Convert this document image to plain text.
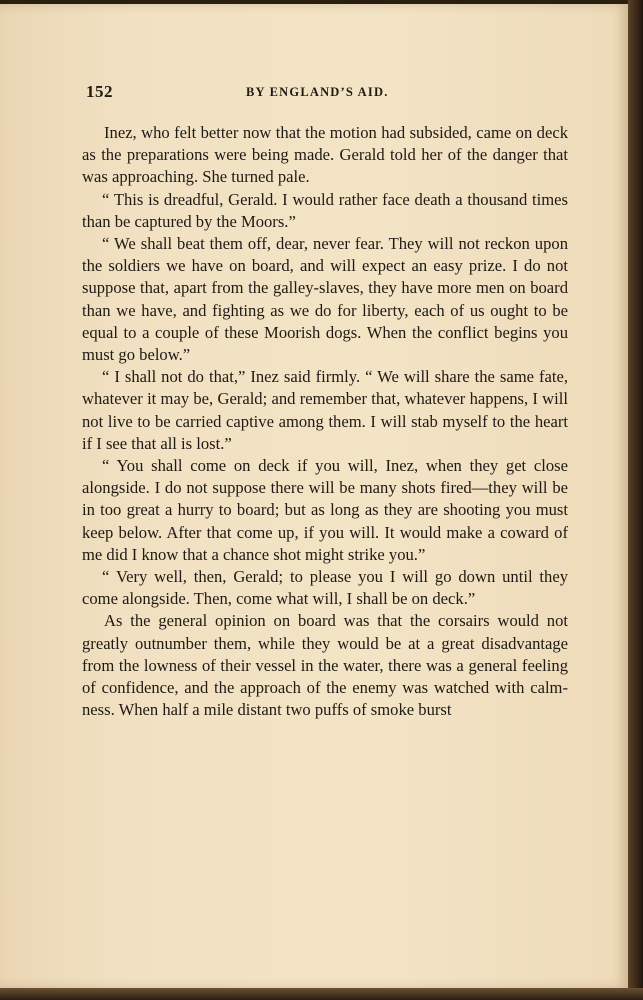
152	BY ENGLAND’S AID.

Inez, who felt better now that the motion had subsided, came on deck as the preparations were being made. Gerald told her of the danger that was approaching. She turned pale.

“ This is dreadful, Gerald. I would rather face death a thousand times than be captured by the Moors.”

“ We shall beat them off, dear, never fear. They will not reckon upon the soldiers we have on board, and will expect an easy prize. I do not suppose that, apart from the galley-slaves, they have more men on board than we have, and fighting as we do for liberty, each of us ought to be equal to a couple of these Moorish dogs. When the conflict begins you must go below.”

“ I shall not do that,” Inez said firmly. “ We will share the same fate, whatever it may be, Gerald; and remember that, whatever happens, I will not live to be carried captive among them. I will stab myself to the heart if I see that all is lost.”

“ You shall come on deck if you will, Inez, when they get close alongside. I do not suppose there will be many shots fired—they will be in too great a hurry to board; but as long as they are shooting you must keep below. After that come up, if you will. It would make a coward of me did I know that a chance shot might strike you.”

“ Very well, then, Gerald; to please you I will go down until they come alongside. Then, come what will, I shall be on deck.”

As the general opinion on board was that the corsairs would not greatly outnumber them, while they would be at a great disadvantage from the lowness of their vessel in the water, there was a general feeling of confidence, and the approach of the enemy was watched with calmness. When half a mile distant two puffs of smoke burst
